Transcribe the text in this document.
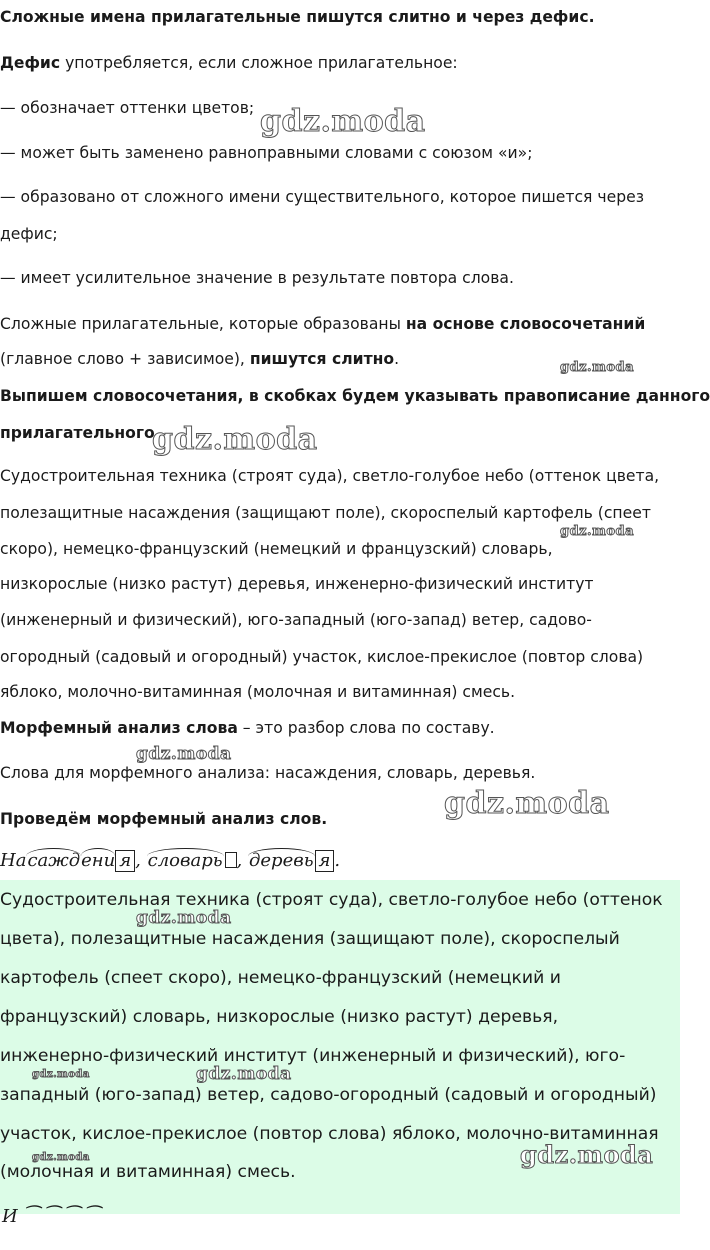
Сложные имена прилагательные пишутся слитно и через дефис.

Дефис употребляется, если сложное прилагательное:

— обозначает оттенки цветов;

— может быть заменено равноправными словами с союзом «и»;

— образовано от сложного имени существительного, которое пишется через

дефис;

— имеет усилительное значение в результате повтора слова.

Сложные прилагательные, которые образованы на основе словосочетаний

(главное слово + зависимое), пишутся слитно.

Выпишем словосочетания, в скобках будем указывать правописание данного

прилагательного.

Судостроительная техника (строят суда), светло-голубое небо (оттенок цвета,

полезащитные насаждения (защищают поле), скороспелый картофель (спеет

скоро), немецко-французский (немецкий и французский) словарь,

низкорослые (низко растут) деревья, инженерно-физический институт

(инженерный и физический), юго-западный (юго-запад) ветер, садово-

огородный (садовый и огородный) участок, кислое-прекислое (повтор слова)

яблоко, молочно-витаминная (молочная и витаминная) смесь.

Морфемный анализ слова – это разбор слова по составу.

Слова для морфемного анализа: насаждения, словарь, деревья.

Проведём морфемный анализ слов.

Насаждени я , словарь , деревь я .

Судостроительная техника (строят суда), светло-голубое небо (оттенок

цвета), полезащитные насаждения (защищают поле), скороспелый

картофель (спеет скоро), немецко-французский (немецкий и

французский) словарь, низкорослые (низко растут) деревья,

инженерно-физический институт (инженерный и физический), юго-

западный (юго-запад) ветер, садово-огородный (садовый и огородный)

участок, кислое-прекислое (повтор слова) яблоко, молочно-витаминная

(молочная и витаминная) смесь.

И ⁀ ⁀ ⁀ ⁀
gdz.moda
gdz.moda
gdz.moda
gdz.moda
gdz.moda
gdz.moda
gdz.moda
gdz.moda	gdz.moda
gdz.moda	gdz.moda
